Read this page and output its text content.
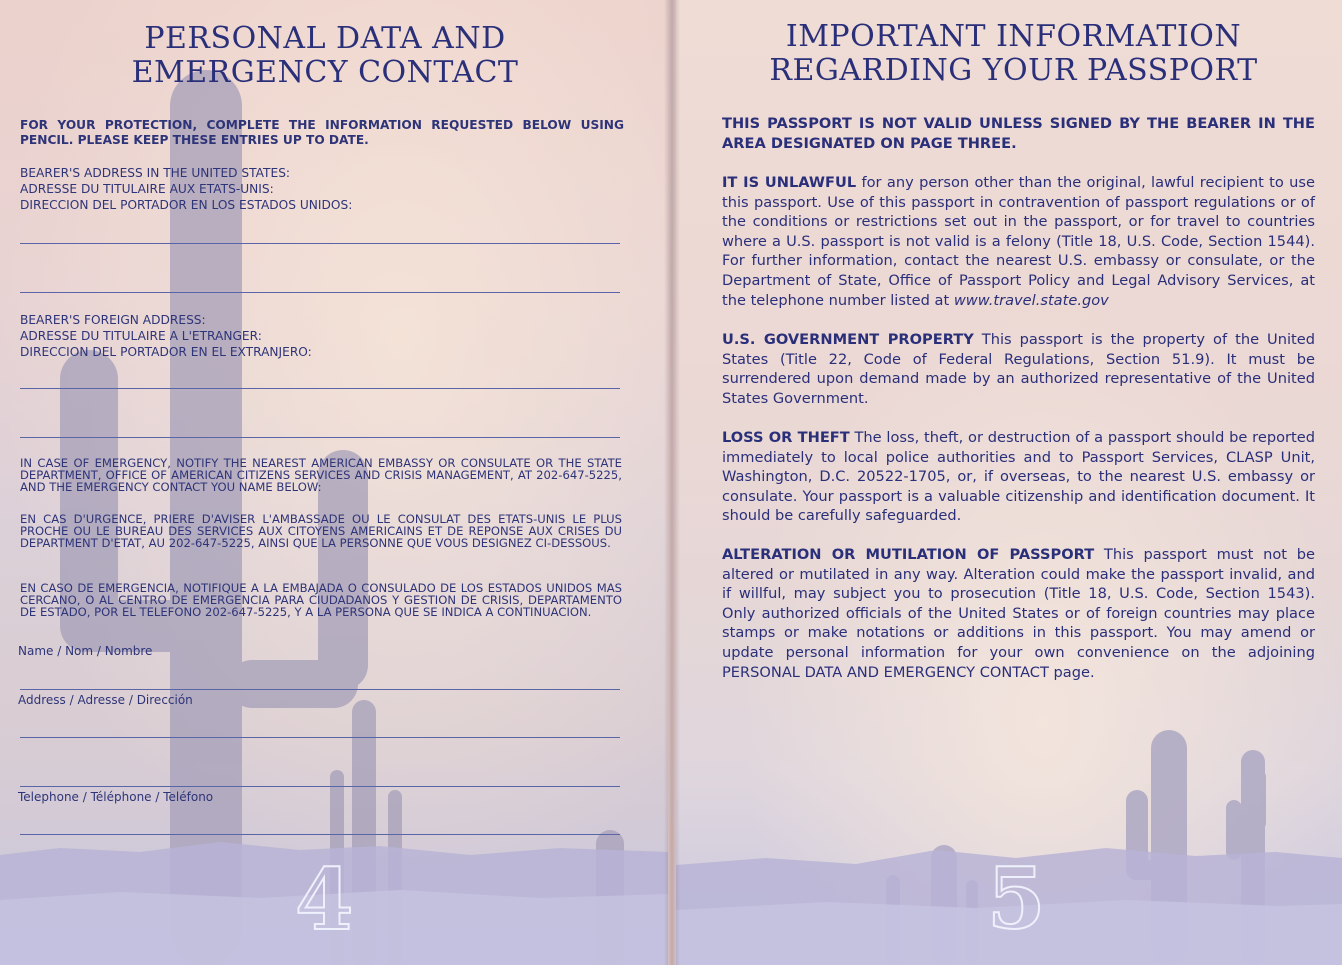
PERSONAL DATA AND
EMERGENCY CONTACT
FOR YOUR PROTECTION, COMPLETE THE INFORMATION REQUESTED BELOW USING PENCIL. PLEASE KEEP THESE ENTRIES UP TO DATE.
BEARER'S ADDRESS IN THE UNITED STATES:
ADRESSE DU TITULAIRE AUX ETATS-UNIS:
DIRECCION DEL PORTADOR EN LOS ESTADOS UNIDOS:
BEARER'S FOREIGN ADDRESS:
ADRESSE DU TITULAIRE A L'ETRANGER:
DIRECCION DEL PORTADOR EN EL EXTRANJERO:
IN CASE OF EMERGENCY, NOTIFY THE NEAREST AMERICAN EMBASSY OR CONSULATE OR THE STATE DEPARTMENT, OFFICE OF AMERICAN CITIZENS SERVICES AND CRISIS MANAGEMENT, AT 202-647-5225, AND THE EMERGENCY CONTACT YOU NAME BELOW:
EN CAS D'URGENCE, PRIERE D'AVISER L'AMBASSADE OU LE CONSULAT DES ETATS-UNIS LE PLUS PROCHE OU LE BUREAU DES SERVICES AUX CITOYENS AMERICAINS ET DE REPONSE AUX CRISES DU DEPARTMENT D'ETAT, AU 202-647-5225, AINSI QUE LA PERSONNE QUE VOUS DESIGNEZ CI-DESSOUS.
EN CASO DE EMERGENCIA, NOTIFIQUE A LA EMBAJADA O CONSULADO DE LOS ESTADOS UNIDOS MAS CERCANO, O AL CENTRO DE EMERGENCIA PARA CIUDADANOS Y GESTION DE CRISIS, DEPARTAMENTO DE ESTADO, POR EL TELEFONO 202-647-5225, Y A LA PERSONA QUE SE INDICA A CONTINUACION.
Name / Nom / Nombre
Address / Adresse / Dirección
Telephone / Téléphone / Teléfono
4
IMPORTANT INFORMATION
REGARDING YOUR PASSPORT
THIS PASSPORT IS NOT VALID UNLESS SIGNED BY THE BEARER IN THE AREA DESIGNATED ON PAGE THREE.
IT IS UNLAWFUL for any person other than the original, lawful recipient to use this passport. Use of this passport in contravention of passport regulations or of the conditions or restrictions set out in the passport, or for travel to countries where a U.S. passport is not valid is a felony (Title 18, U.S. Code, Section 1544). For further information, contact the nearest U.S. embassy or consulate, or the Department of State, Office of Passport Policy and Legal Advisory Services, at the telephone number listed at www.travel.state.gov
U.S. GOVERNMENT PROPERTY This passport is the property of the United States (Title 22, Code of Federal Regulations, Section 51.9). It must be surrendered upon demand made by an authorized representative of the United States Government.
LOSS OR THEFT The loss, theft, or destruction of a passport should be reported immediately to local police authorities and to Passport Services, CLASP Unit, Washington, D.C. 20522-1705, or, if overseas, to the nearest U.S. embassy or consulate. Your passport is a valuable citizenship and identification document. It should be carefully safeguarded.
ALTERATION OR MUTILATION OF PASSPORT This passport must not be altered or mutilated in any way. Alteration could make the passport invalid, and if willful, may subject you to prosecution (Title 18, U.S. Code, Section 1543). Only authorized officials of the United States or of foreign countries may place stamps or make notations or additions in this passport. You may amend or update personal information for your own convenience on the adjoining PERSONAL DATA AND EMERGENCY CONTACT page.
5
